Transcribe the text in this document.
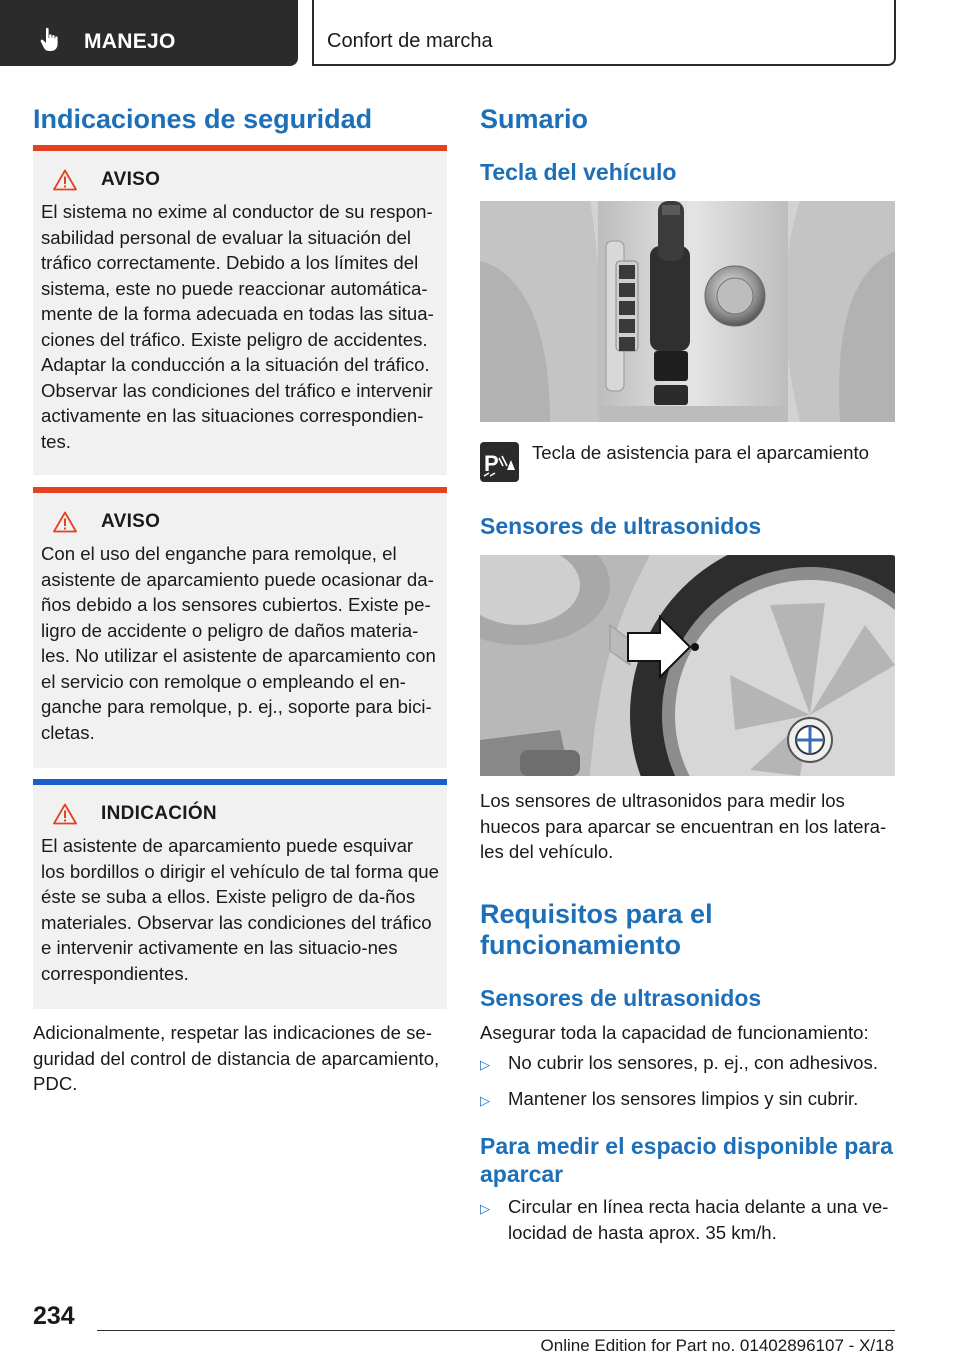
MANEJO	Confort de marcha
Indicaciones de seguridad
AVISO
El sistema no exime al conductor de su respon-sabilidad personal de evaluar la situación del tráfico correctamente. Debido a los límites del sistema, este no puede reaccionar automática-mente de la forma adecuada en todas las situa-ciones del tráfico. Existe peligro de accidentes. Adaptar la conducción a la situación del tráfico. Observar las condiciones del tráfico e intervenir activamente en las situaciones correspondien-tes.
AVISO
Con el uso del enganche para remolque, el asistente de aparcamiento puede ocasionar da-ños debido a los sensores cubiertos. Existe pe-ligro de accidente o peligro de daños materia-les. No utilizar el asistente de aparcamiento con el servicio con remolque o empleando el en-ganche para remolque, p. ej., soporte para bici-cletas.
INDICACIÓN
El asistente de aparcamiento puede esquivar los bordillos o dirigir el vehículo de tal forma que éste se suba a ellos. Existe peligro de da-ños materiales. Observar las condiciones del tráfico e intervenir activamente en las situacio-nes correspondientes.
Adicionalmente, respetar las indicaciones de se-guridad del control de distancia de aparcamiento, PDC.
Sumario
Tecla del vehículo
P Tecla de asistencia para el aparcamiento
Sensores de ultrasonidos
Los sensores de ultrasonidos para medir los huecos para aparcar se encuentran en los latera-les del vehículo.
Requisitos para el funcionamiento
Sensores de ultrasonidos
Asegurar toda la capacidad de funcionamiento:
▷ No cubrir los sensores, p. ej., con adhesivos.
▷ Mantener los sensores limpios y sin cubrir.
Para medir el espacio disponible para aparcar
▷ Circular en línea recta hacia delante a una ve-locidad de hasta aprox. 35 km/h.
234
Online Edition for Part no. 01402896107 - X/18
